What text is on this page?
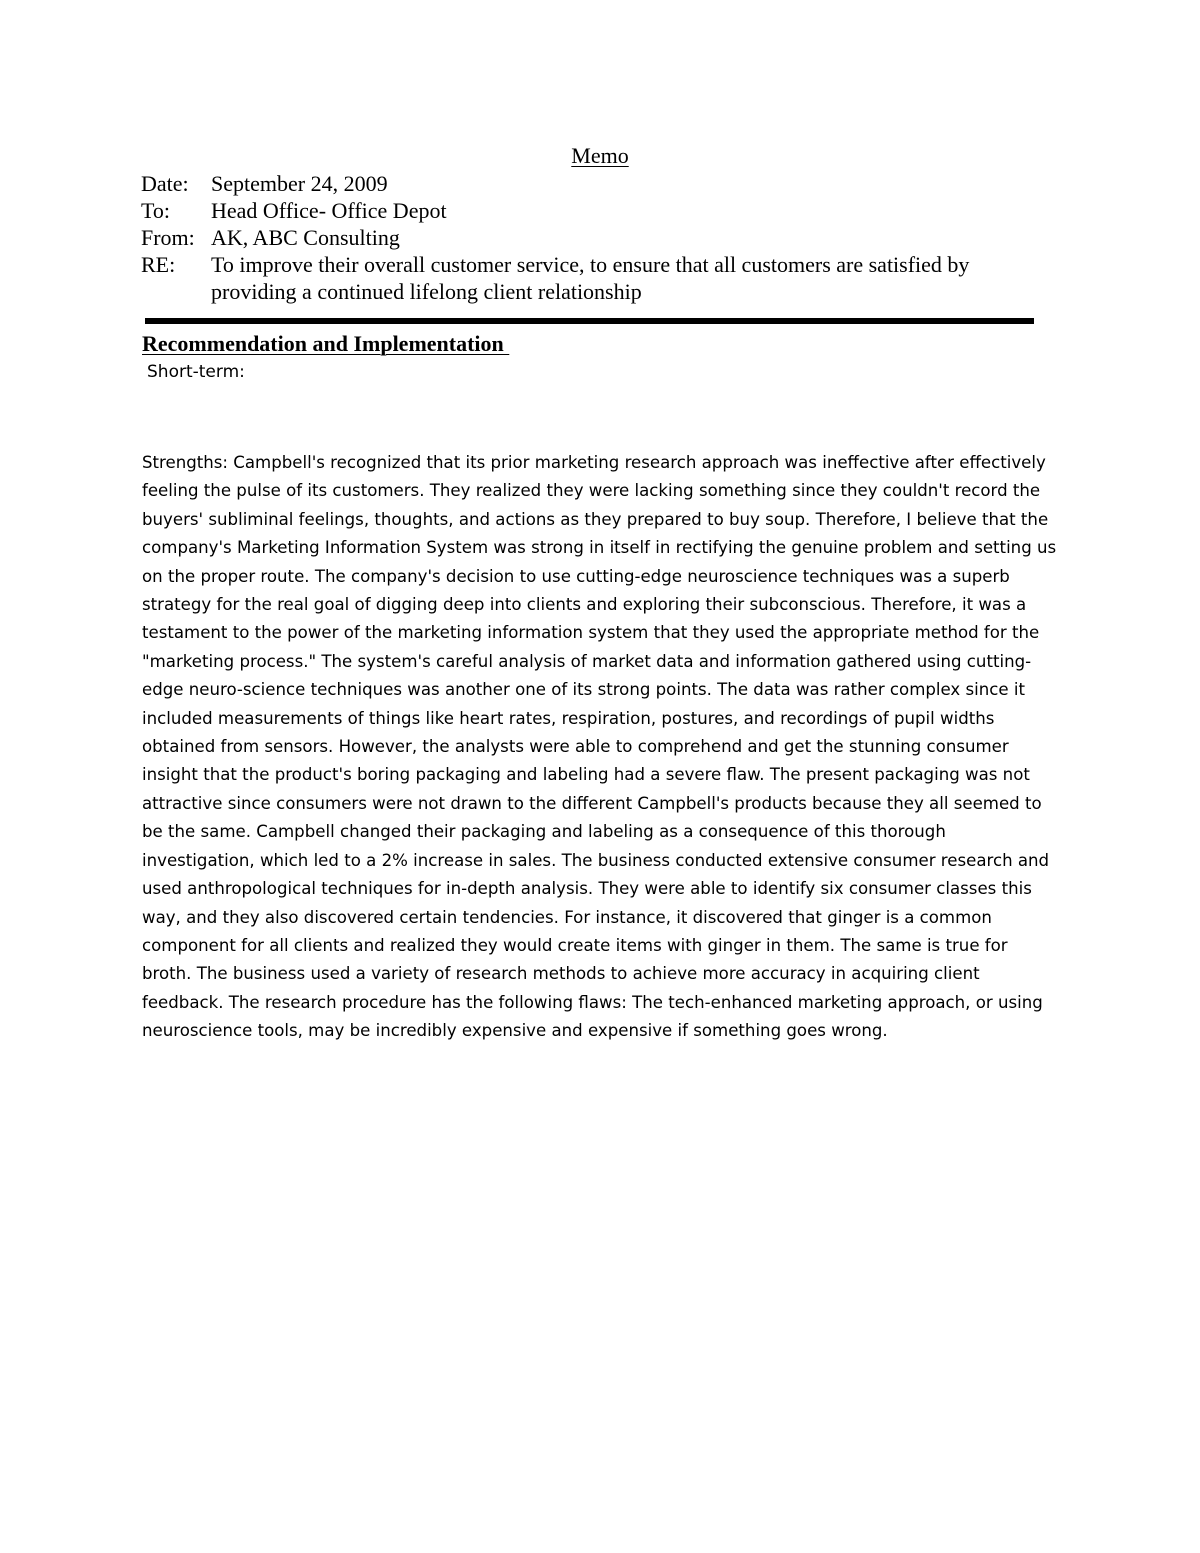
Memo
Date:	September 24, 2009
To:	Head Office- Office Depot
From: AK, ABC Consulting
RE:	To improve their overall customer service, to ensure that all customers are satisfied by providing a continued lifelong client relationship
Recommendation and Implementation
Short-term:

Strengths: Campbell's recognized that its prior marketing research approach was ineffective after effectively feeling the pulse of its customers. They realized they were lacking something since they couldn't record the buyers' subliminal feelings, thoughts, and actions as they prepared to buy soup. Therefore, I believe that the company's Marketing Information System was strong in itself in rectifying the genuine problem and setting us on the proper route. The company's decision to use cutting-edge neuroscience techniques was a superb strategy for the real goal of digging deep into clients and exploring their subconscious. Therefore, it was a testament to the power of the marketing information system that they used the appropriate method for the "marketing process." The system's careful analysis of market data and information gathered using cutting-edge neuro-science techniques was another one of its strong points. The data was rather complex since it included measurements of things like heart rates, respiration, postures, and recordings of pupil widths obtained from sensors. However, the analysts were able to comprehend and get the stunning consumer insight that the product's boring packaging and labeling had a severe flaw. The present packaging was not attractive since consumers were not drawn to the different Campbell's products because they all seemed to be the same. Campbell changed their packaging and labeling as a consequence of this thorough investigation, which led to a 2% increase in sales. The business conducted extensive consumer research and used anthropological techniques for in-depth analysis. They were able to identify six consumer classes this way, and they also discovered certain tendencies. For instance, it discovered that ginger is a common component for all clients and realized they would create items with ginger in them. The same is true for broth. The business used a variety of research methods to achieve more accuracy in acquiring client feedback. The research procedure has the following flaws: The tech-enhanced marketing approach, or using neuroscience tools, may be incredibly expensive and expensive if something goes wrong.
